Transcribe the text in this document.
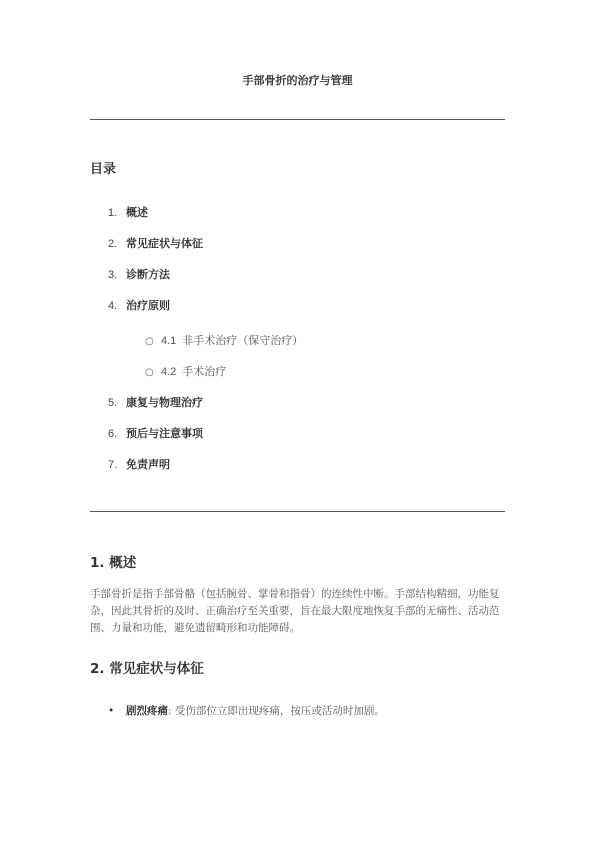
手部骨折的治疗与管理
目录
1. 概述
2. 常见症状与体征
3. 诊断方法
4. 治疗原则
○ 4.1 非手术治疗（保守治疗）
○ 4.2 手术治疗
5. 康复与物理治疗
6. 预后与注意事项
7. 免责声明
1. 概述
手部骨折是指手部骨骼（包括腕骨、掌骨和指骨）的连续性中断。手部结构精细，功能复杂，因此其骨折的及时、正确治疗至关重要，旨在最大限度地恢复手部的无痛性、活动范围、力量和功能，避免遗留畸形和功能障碍。
2. 常见症状与体征
• 剧烈疼痛: 受伤部位立即出现疼痛，按压或活动时加剧。
